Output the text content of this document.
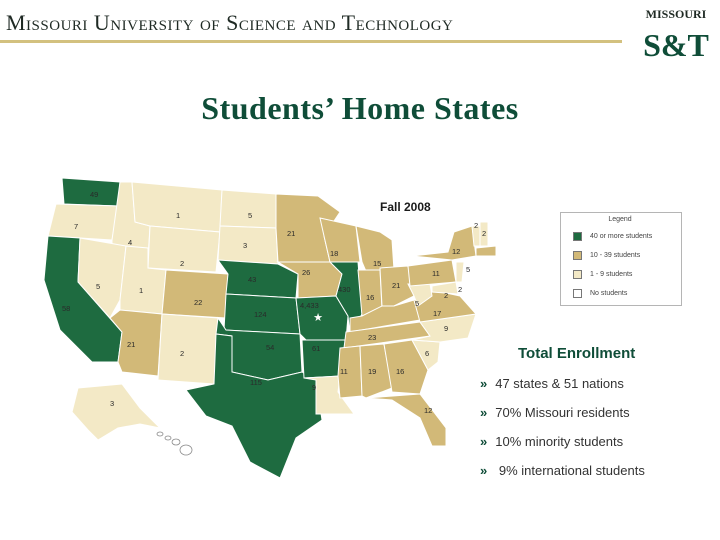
Missouri University of Science and Technology	MISSOURI
S&T
Students’ Home States
★
49
7
1	5
4	3
21
18
2
5	1
43
26
22
58
124
4,433
430
15
12
11
21
16
5
2
17
2
21
2
54	61
23
9
6
115
9
11	19	16
12
3
2
2
5
Fall 2008
Legend
40 or more students
10 - 39 students
1 - 9 students
No students
Total Enrollment
» 47 states & 51 nations
» 70% Missouri residents
» 10% minority students
» 9% international students
